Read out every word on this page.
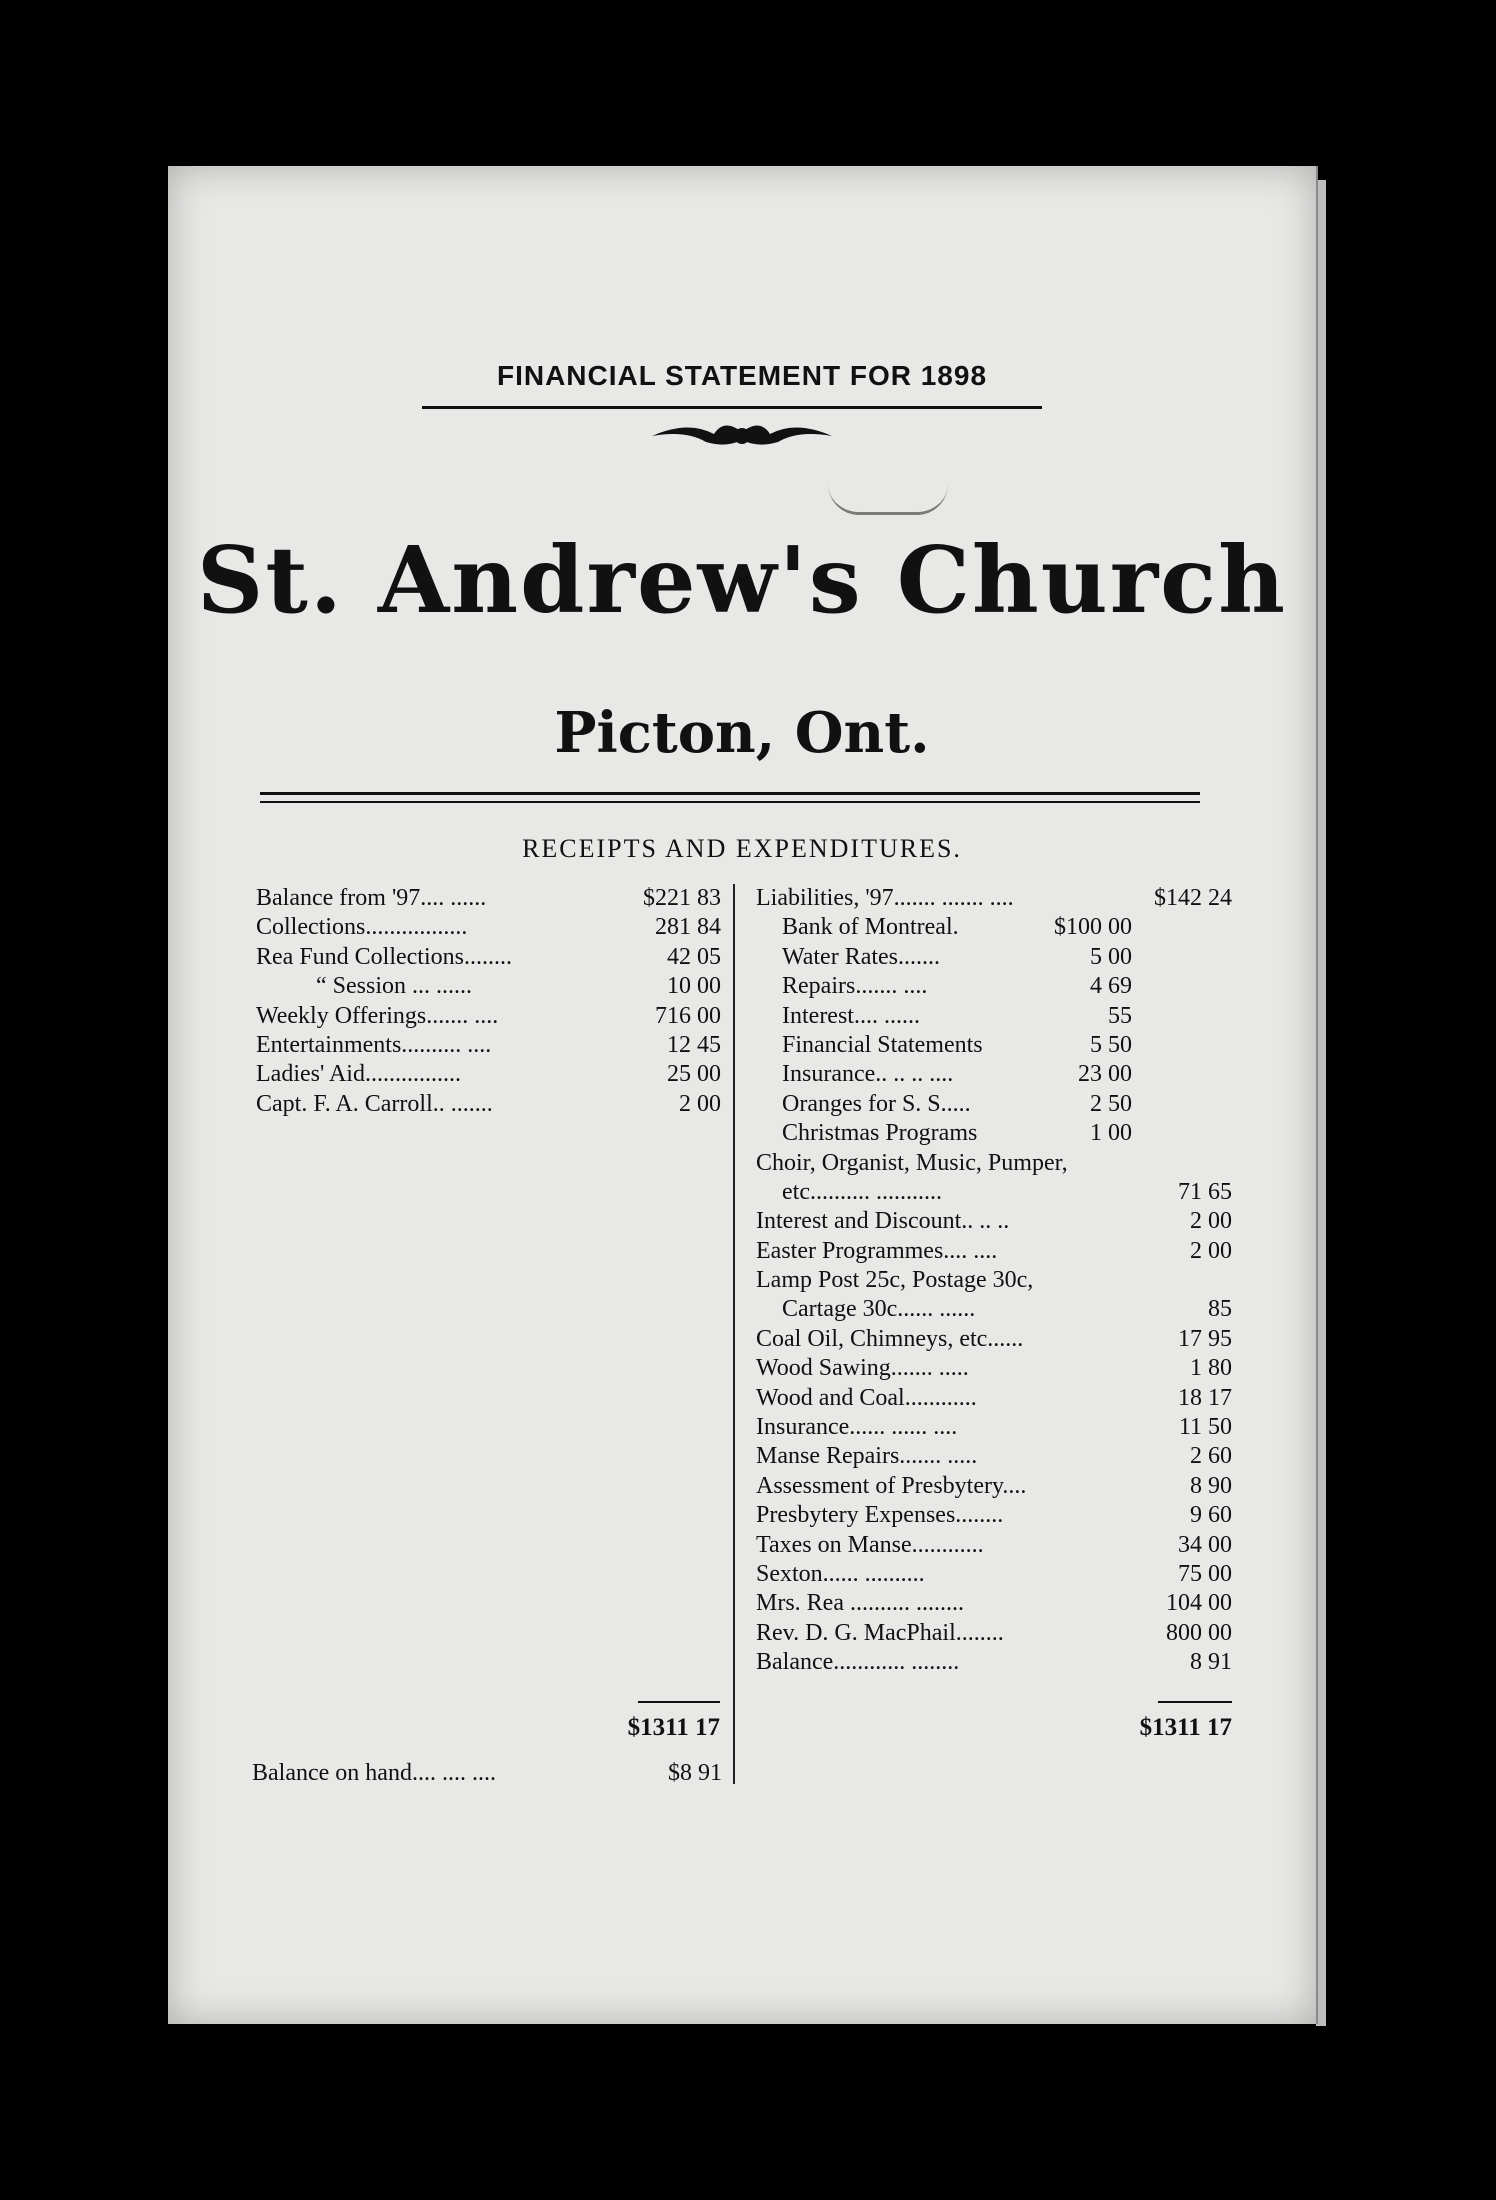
FINANCIAL STATEMENT FOR 1898
St. Andrew's Church
Picton, Ont.
RECEIPTS AND EXPENDITURES.
Balance from '97.... ......	$221 83
Collections.................	281 84
Rea Fund Collections........	42 05
“ Session ... ......	10 00
Weekly Offerings....... ....	716 00
Entertainments.......... ....	12 45
Ladies' Aid................	25 00
Capt. F. A. Carroll.. .......	2 00
Liabilities, '97....... ....... ....	$142 24
Bank of Montreal.	$100 00
Water Rates.......	5 00
Repairs....... ....	4 69
Interest.... ......	55
Financial Statements	5 50
Insurance.. .. .. ....	23 00
Oranges for S. S.....	2 50
Christmas Programs	1 00
Choir, Organist, Music, Pumper,
etc.......... ...........	71 65
Interest and Discount.. .. ..	2 00
Easter Programmes.... ....	2 00
Lamp Post 25c, Postage 30c,
Cartage 30c...... ......	85
Coal Oil, Chimneys, etc......	17 95
Wood Sawing....... .....	1 80
Wood and Coal............	18 17
Insurance...... ...... ....	11 50
Manse Repairs....... .....	2 60
Assessment of Presbytery....	8 90
Presbytery Expenses........	9 60
Taxes on Manse............	34 00
Sexton...... ..........	75 00
Mrs. Rea .......... ........	104 00
Rev. D. G. MacPhail........	800 00
Balance............ ........	8 91
$1311 17	$1311 17
Balance on hand.... .... ....	$8 91
